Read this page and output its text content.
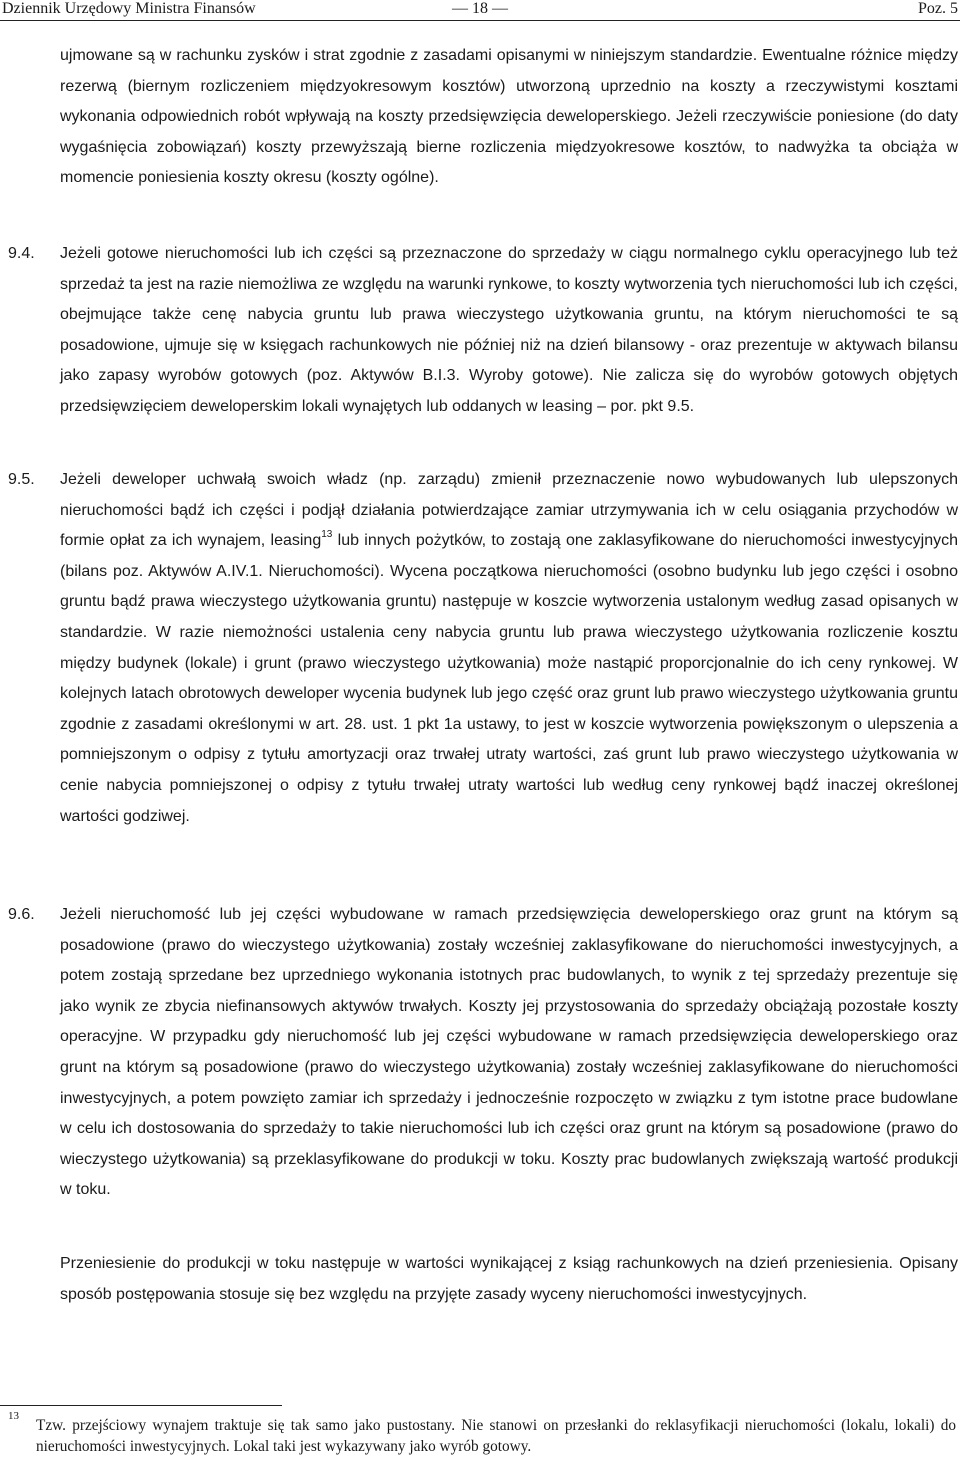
Dziennik Urzędowy Ministra Finansów	— 18 —	Poz. 5

ujmowane są w rachunku zysków i strat zgodnie z zasadami opisanymi w niniejszym standardzie. Ewentualne różnice między rezerwą (biernym rozliczeniem międzyokresowym kosztów) utworzoną uprzednio na koszty a rzeczywistymi kosztami wykonania odpowiednich robót wpływają na koszty przedsięwzięcia deweloperskiego. Jeżeli rzeczywiście poniesione (do daty wygaśnięcia zobowiązań) koszty przewyższają bierne rozliczenia międzyokresowe kosztów, to nadwyżka ta obciąża w momencie poniesienia koszty okresu (koszty ogólne).

9.4. Jeżeli gotowe nieruchomości lub ich części są przeznaczone do sprzedaży w ciągu normalnego cyklu operacyjnego lub też sprzedaż ta jest na razie niemożliwa ze względu na warunki rynkowe, to koszty wytworzenia tych nieruchomości lub ich części, obejmujące także cenę nabycia gruntu lub prawa wieczystego użytkowania gruntu, na którym nieruchomości te są posadowione, ujmuje się w księgach rachunkowych nie później niż na dzień bilansowy - oraz prezentuje w aktywach bilansu jako zapasy wyrobów gotowych (poz. Aktywów B.I.3. Wyroby gotowe). Nie zalicza się do wyrobów gotowych objętych przedsięwzięciem deweloperskim lokali wynajętych lub oddanych w leasing – por. pkt 9.5.

9.5. Jeżeli deweloper uchwałą swoich władz (np. zarządu) zmienił przeznaczenie nowo wybudowanych lub ulepszonych nieruchomości bądź ich części i podjął działania potwierdzające zamiar utrzymywania ich w celu osiągania przychodów w formie opłat za ich wynajem, leasing$^{13}$ lub innych pożytków, to zostają one zaklasyfikowane do nieruchomości inwestycyjnych (bilans poz. Aktywów A.IV.1. Nieruchomości). Wycena początkowa nieruchomości (osobno budynku lub jego części i osobno gruntu bądź prawa wieczystego użytkowania gruntu) następuje w koszcie wytworzenia ustalonym według zasad opisanych w standardzie. W razie niemożności ustalenia ceny nabycia gruntu lub prawa wieczystego użytkowania rozliczenie kosztu między budynek (lokale) i grunt (prawo wieczystego użytkowania) może nastąpić proporcjonalnie do ich ceny rynkowej. W kolejnych latach obrotowych deweloper wycenia budynek lub jego część oraz grunt lub prawo wieczystego użytkowania gruntu zgodnie z zasadami określonymi w art. 28. ust. 1 pkt 1a ustawy, to jest w koszcie wytworzenia powiększonym o ulepszenia a pomniejszonym o odpisy z tytułu amortyzacji oraz trwałej utraty wartości, zaś grunt lub prawo wieczystego użytkowania w cenie nabycia pomniejszonej o odpisy z tytułu trwałej utraty wartości lub według ceny rynkowej bądź inaczej określonej wartości godziwej.

9.6. Jeżeli nieruchomość lub jej części wybudowane w ramach przedsięwzięcia deweloperskiego oraz grunt na którym są posadowione (prawo do wieczystego użytkowania) zostały wcześniej zaklasyfikowane do nieruchomości inwestycyjnych, a potem zostają sprzedane bez uprzedniego wykonania istotnych prac budowlanych, to wynik z tej sprzedaży prezentuje się jako wynik ze zbycia niefinansowych aktywów trwałych. Koszty jej przystosowania do sprzedaży obciążają pozostałe koszty operacyjne. W przypadku gdy nieruchomość lub jej części wybudowane w ramach przedsięwzięcia deweloperskiego oraz grunt na którym są posadowione (prawo do wieczystego użytkowania) zostały wcześniej zaklasyfikowane do nieruchomości inwestycyjnych, a potem powzięto zamiar ich sprzedaży i jednocześnie rozpoczęto w związku z tym istotne prace budowlane w celu ich dostosowania do sprzedaży to takie nieruchomości lub ich części oraz grunt na którym są posadowione (prawo do wieczystego użytkowania) są przeklasyfikowane do produkcji w toku. Koszty prac budowlanych zwiększają wartość produkcji w toku.

Przeniesienie do produkcji w toku następuje w wartości wynikającej z ksiąg rachunkowych na dzień przeniesienia. Opisany sposób postępowania stosuje się bez względu na przyjęte zasady wyceny nieruchomości inwestycyjnych.

13
Tzw. przejściowy wynajem traktuje się tak samo jako pustostany. Nie stanowi on przesłanki do reklasyfikacji nieruchomości (lokalu, lokali) do nieruchomości inwestycyjnych. Lokal taki jest wykazywany jako wyrób gotowy.
